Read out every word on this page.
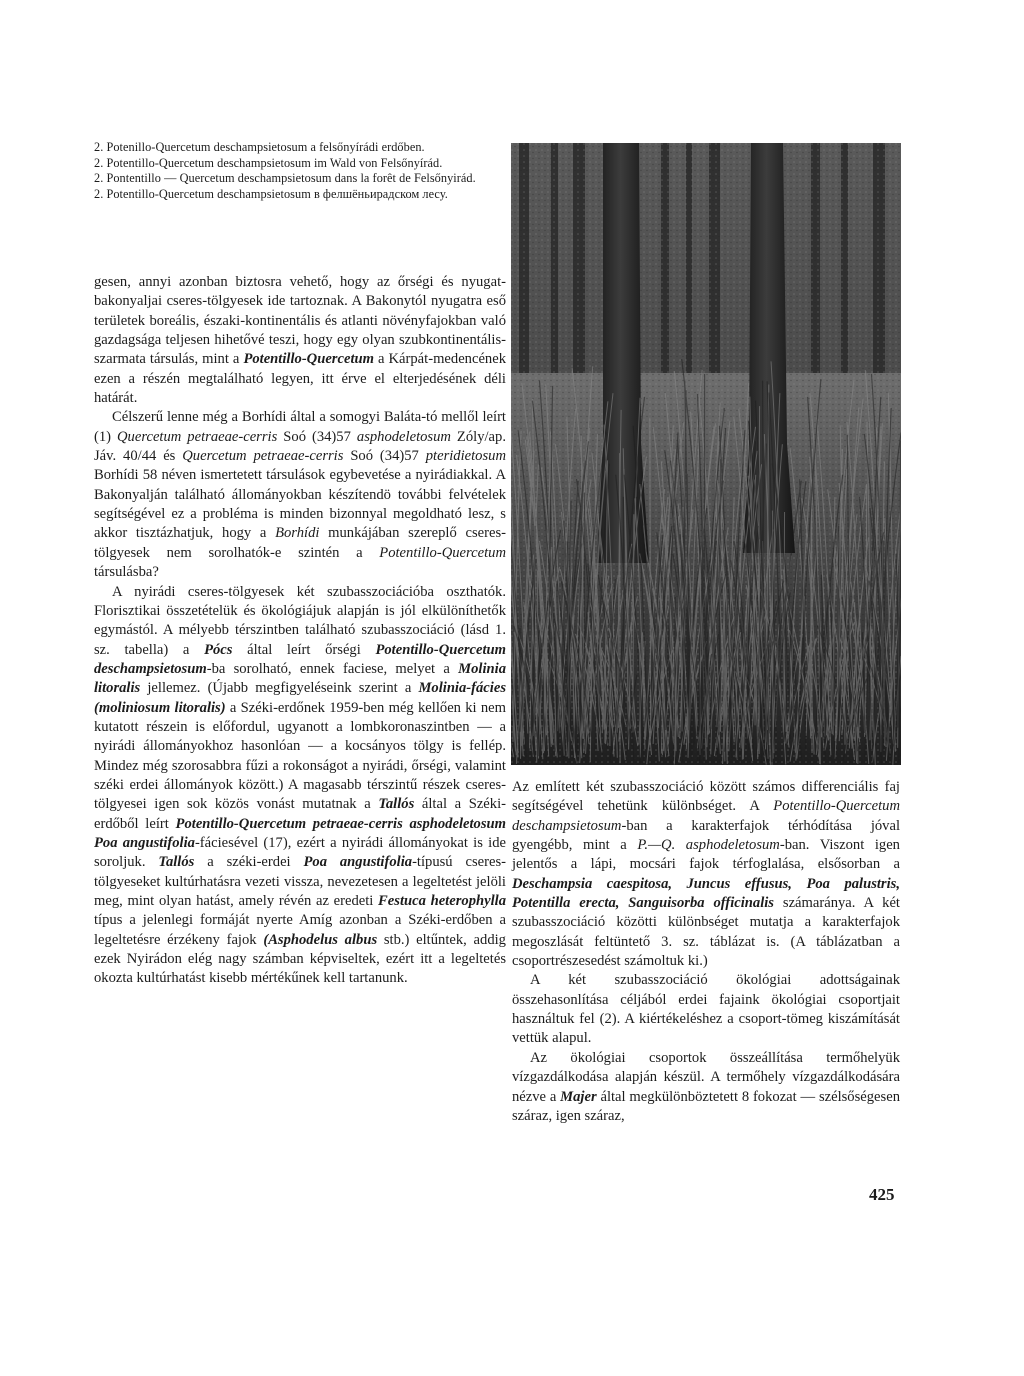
2. Potenillo-Quercetum deschampsietosum a felsőnyírádi erdőben.

2. Potentillo-Quercetum deschampsietosum im Wald von Felsőnyírád.

2. Pontentillo — Quercetum deschampsietosum dans la forêt de Felsőnyirád.

2. Potentillo-Quercetum deschampsietosum в фелшёньирадском лесу.

gesen, annyi azonban biztosra vehető, hogy az őrségi és nyugat-bakonyaljai cseres-tölgyesek ide tartoznak. A Bakonytól nyugatra eső területek boreális, északi-kontinentális és atlanti növényfajokban való gazdagsága teljesen hihetővé teszi, hogy egy olyan szubkontinentális-szarmata társulás, mint a Potentillo-Quercetum a Kárpát-medencének ezen a részén megtalálható legyen, itt érve el elterjedésének déli határát.

Célszerű lenne még a Borhídi által a somogyi Baláta-tó mellől leírt (1) Quercetum petraeae-cerris Soó (34)57 asphodeletosum Zóly/ap. Jáv. 40/44 és Quercetum petraeae-cerris Soó (34)57 pteridietosum Borhídi 58 néven ismertetett társulások egybevetése a nyirádiakkal. A Bakonyalján található állományokban készítendö további felvételek segítségével ez a probléma is minden bizonnyal megoldható lesz, s akkor tisztázhatjuk, hogy a Borhídi munkájában szereplő cseres-tölgyesek nem sorolhatók-e szintén a Potentillo-Quercetum társulásba?

A nyirádi cseres-tölgyesek két szubasszociációba oszthatók. Florisztikai összetételük és ökológiájuk alapján is jól elkülöníthetők egymástól. A mélyebb térszintben található szubasszociáció (lásd 1. sz. tabella) a Pócs által leírt őrségi Potentillo-Quercetum deschampsietosum-ba sorolható, ennek faciese, melyet a Molinia litoralis jellemez. (Újabb megfigyeléseink szerint a Molinia-fácies (moliniosum litoralis) a Széki-erdőnek 1959-ben még kellően ki nem kutatott részein is előfordul, ugyanott a lombkoronaszintben — a nyirádi állományokhoz hasonlóan — a kocsányos tölgy is fellép. Mindez még szorosabbra fűzi a rokonságot a nyirádi, őrségi, valamint széki erdei állományok között.) A magasabb térszintű részek cseres-tölgyesei igen sok közös vonást mutatnak a Tallós által a Széki-erdőből leírt Potentillo-Quercetum petraeae-cerris asphodeletosum Poa angustifolia-fáciesével (17), ezért a nyirádi állományokat is ide soroljuk. Tallós a széki-erdei Poa angustifolia-típusú cseres-tölgyeseket kultúrhatásra vezeti vissza, nevezetesen a legeltetést jelöli meg, mint olyan hatást, amely révén az eredeti Festuca heterophylla típus a jelenlegi formáját nyerte Amíg azonban a Széki-erdőben a legeltetésre érzékeny fajok (Asphodelus albus stb.) eltűntek, addig ezek Nyirádon elég nagy számban képviseltek, ezért itt a legeltetés okozta kultúrhatást kisebb mértékűnek kell tartanunk.

Az említett két szubasszociáció között számos differenciális faj segítségével tehetünk különbséget. A Potentillo-Quercetum deschampsietosum-ban a karakterfajok térhódítása jóval gyengébb, mint a P.—Q. asphodeletosum-ban. Viszont igen jelentős a lápi, mocsári fajok térfoglalása, elsősorban a Deschampsia caespitosa, Juncus effusus, Poa palustris, Potentilla erecta, Sanguisorba officinalis számaránya. A két szubasszociáció közötti különbséget mutatja a karakterfajok megoszlását feltüntető 3. sz. táblázat is. (A táblázatban a csoportrészesedést számoltuk ki.)

A két szubasszociáció ökológiai adottságainak összehasonlítása céljából erdei fajaink ökológiai csoportjait használtuk fel (2). A kiértékeléshez a csoport-tömeg kiszámítását vettük alapul.

Az ökológiai csoportok összeállítása termőhelyük vízgazdálkodása alapján készül. A termőhely vízgazdálkodására nézve a Majer által megkülönböztetett 8 fokozat — szélsőségesen száraz, igen száraz,

425
